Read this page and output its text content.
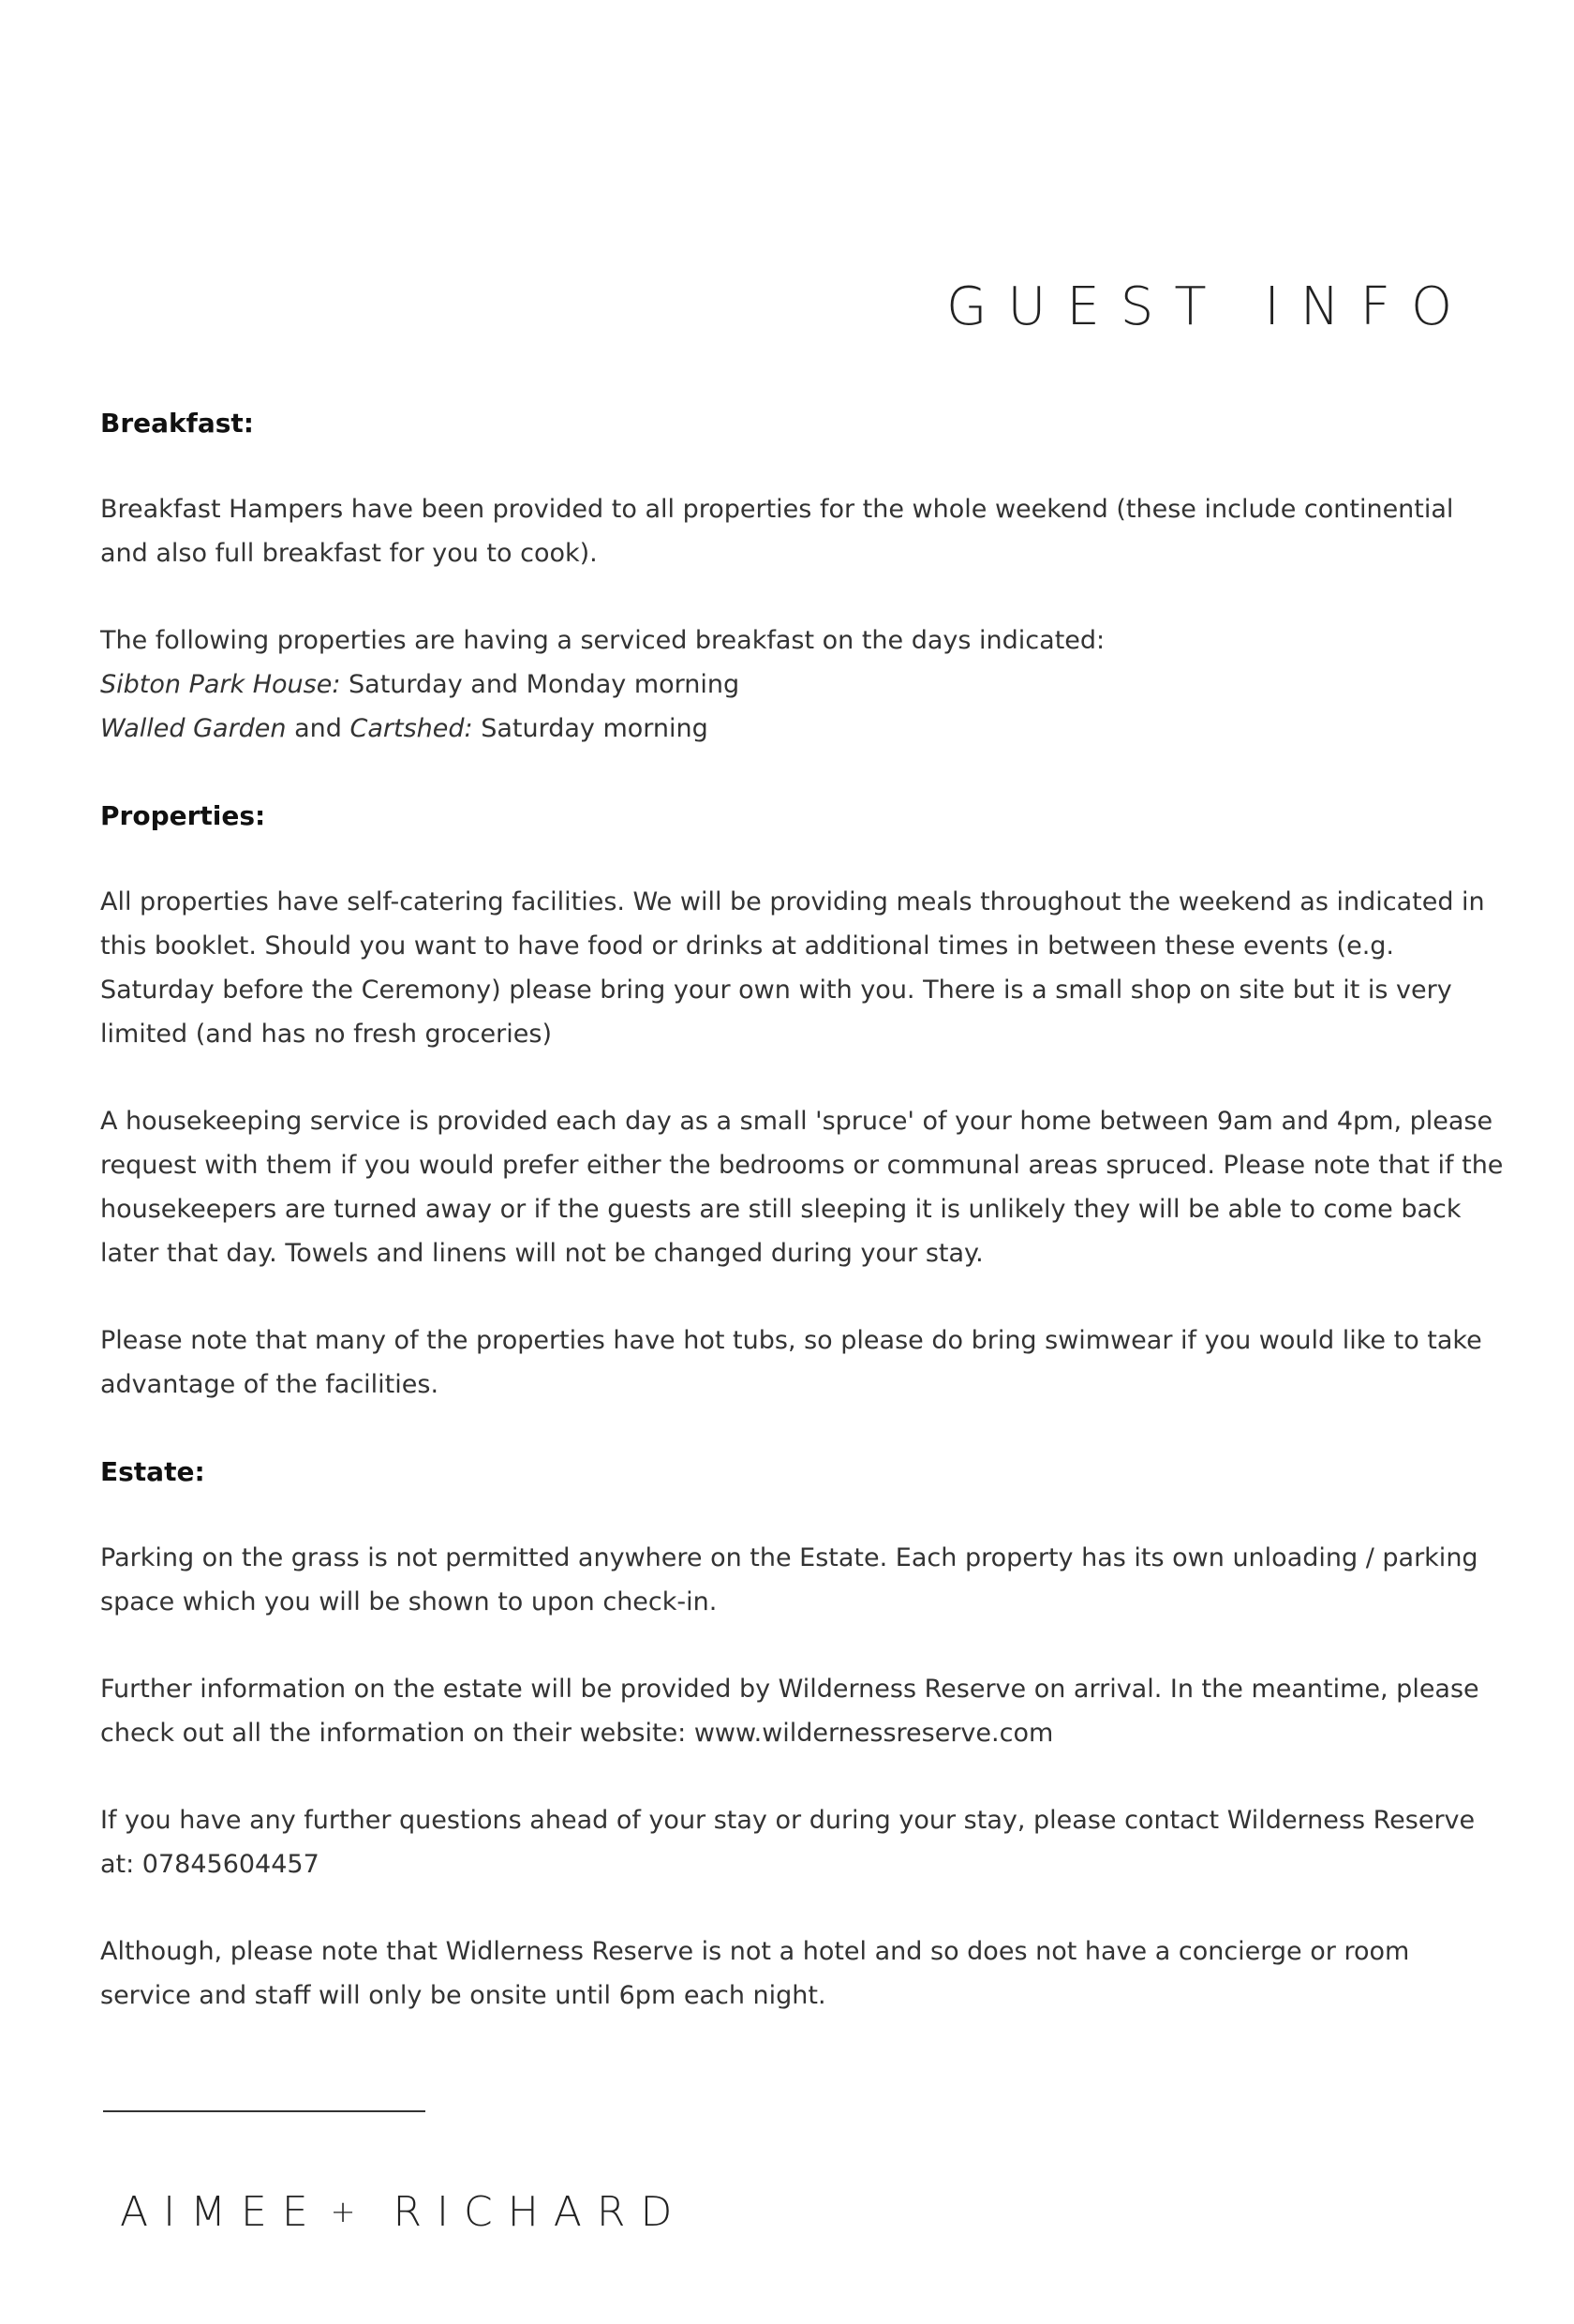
GUEST INFO
Breakfast:

Breakfast Hampers have been provided to all properties for the whole weekend (these include continential and also full breakfast for you to cook).

The following properties are having a serviced breakfast on the days indicated:

Sibton Park House: Saturday and Monday morning

Walled Garden and Cartshed: Saturday morning

Properties:

All properties have self-catering facilities. We will be providing meals throughout the weekend as indicated in this booklet. Should you want to have food or drinks at additional times in between these events (e.g. Saturday before the Ceremony) please bring your own with you. There is a small shop on site but it is very limited (and has no fresh groceries)

A housekeeping service is provided each day as a small 'spruce' of your home between 9am and 4pm, please request with them if you would prefer either the bedrooms or communal areas spruced. Please note that if the housekeepers are turned away or if the guests are still sleeping it is unlikely they will be able to come back later that day. Towels and linens will not be changed during your stay.

Please note that many of the properties have hot tubs, so please do bring swimwear if you would like to take advantage of the facilities.

Estate:

Parking on the grass is not permitted anywhere on the Estate. Each property has its own unloading / parking space which you will be shown to upon check-in.

Further information on the estate will be provided by Wilderness Reserve on arrival. In the meantime, please check out all the information on their website: www.wildernessreserve.com

If you have any further questions ahead of your stay or during your stay, please contact Wilderness Reserve at: 07845604457

Although, please note that Widlerness Reserve is not a hotel and so does not have a concierge or room service and staff will only be onsite until 6pm each night.

AIMEE + RICHARD
